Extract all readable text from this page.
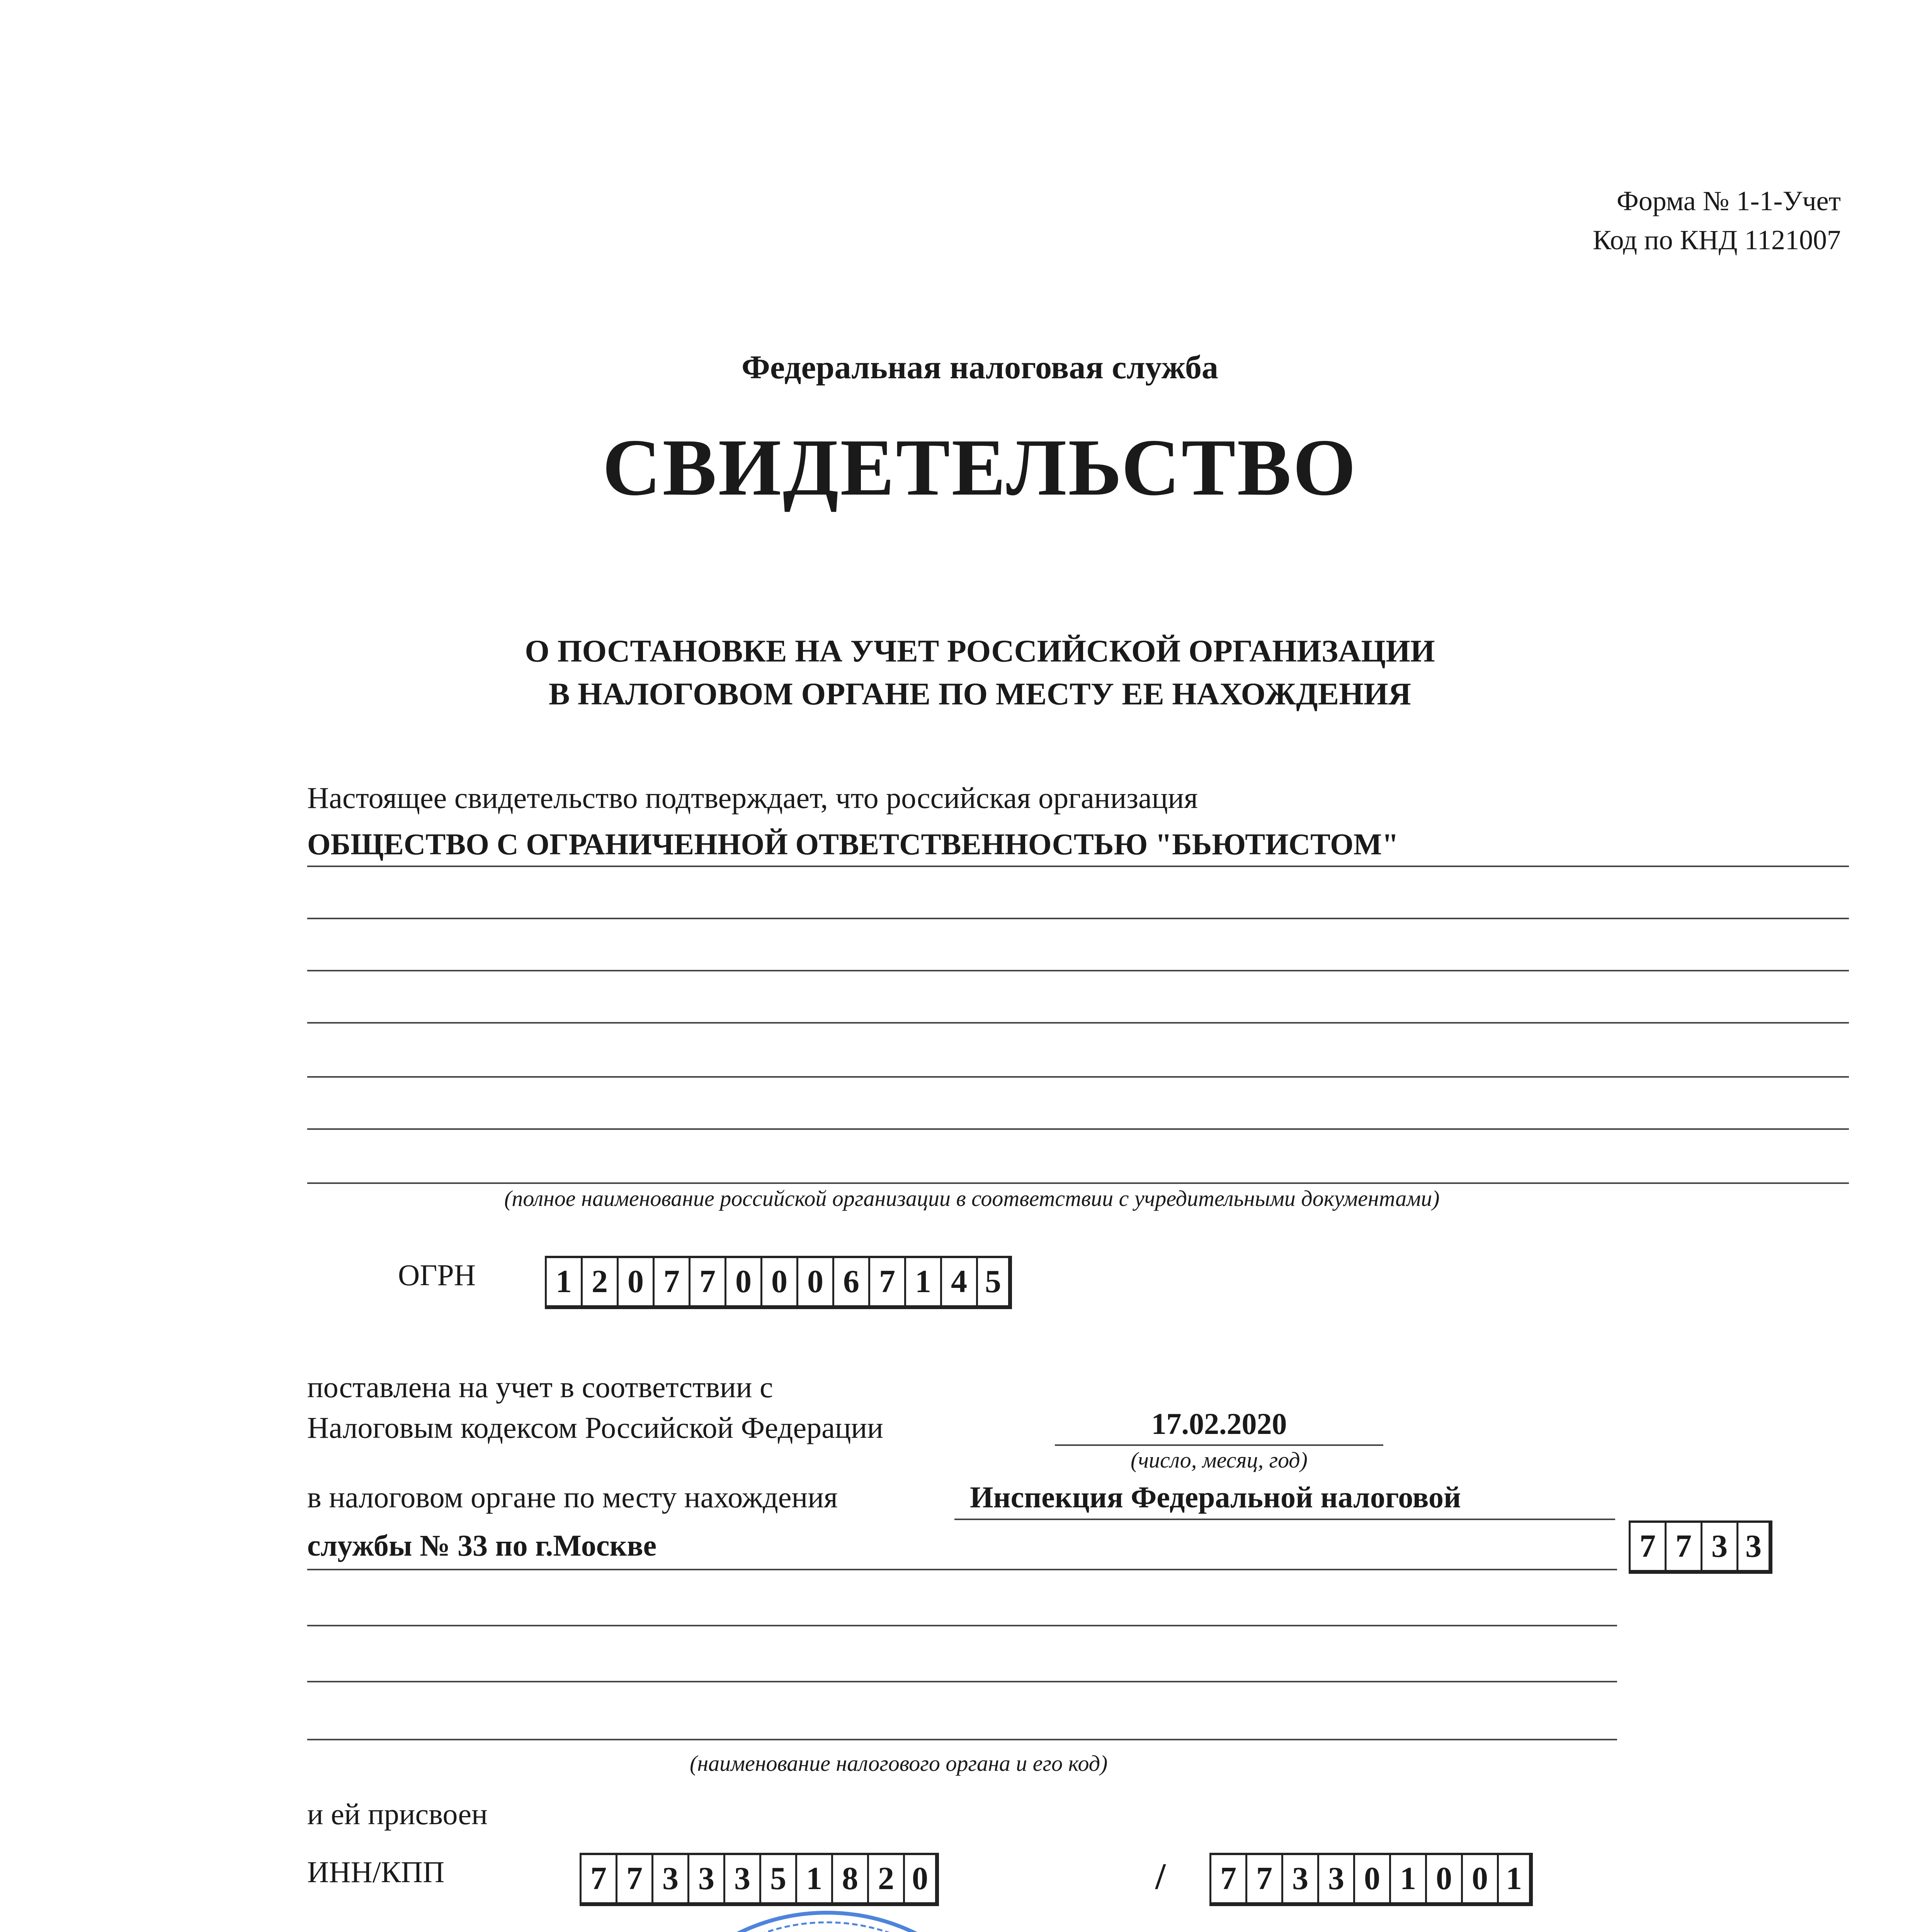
Форма № 1-1-Учет
Код по КНД 1121007
Федеральная налоговая служба
СВИДЕТЕЛЬСТВО
О ПОСТАНОВКЕ НА УЧЕТ РОССИЙСКОЙ ОРГАНИЗАЦИИ
В НАЛОГОВОМ ОРГАНЕ ПО МЕСТУ ЕЕ НАХОЖДЕНИЯ
Настоящее свидетельство подтверждает, что российская организация
ОБЩЕСТВО С ОГРАНИЧЕННОЙ ОТВЕТСТВЕННОСТЬЮ "БЬЮТИСТОМ"
(полное наименование российской организации в соответствии с учредительными документами)
ОГРН	1 2 0 7 7 0 0 0 6 7 1 4 5
поставлена на учет в соответствии с
Налоговым кодексом Российской Федерации	17.02.2020
(число, месяц, год)
в налоговом органе по месту нахождения	Инспекция Федеральной налоговой
службы № 33 по г.Москве	7 7 3 3
(наименование налогового органа и его код)
и ей присвоен
ИНН/КПП	7 7 3 3 3 5 1 8 2 0	/	7 7 3 3 0 1 0 0 1
